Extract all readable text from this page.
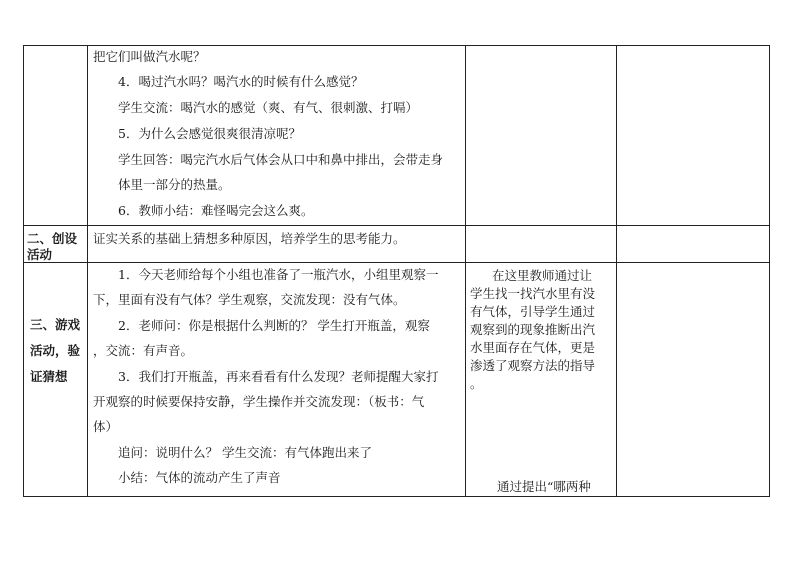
把它们叫做汽水呢？
4．喝过汽水吗？喝汽水的时候有什么感觉？
学生交流：喝汽水的感觉（爽、有气、很刺激、打嗝）
5．为什么会感觉很爽很清凉呢？
学生回答：喝完汽水后气体会从口中和鼻中排出，会带走身
体里一部分的热量。
6．教师小结：难怪喝完会这么爽。
二、创设
活动
证实关系的基础上猜想多种原因，培养学生的思考能力。
三、游戏
活动，验
证猜想
1．今天老师给每个小组也准备了一瓶汽水，小组里观察一
下，里面有没有气体？学生观察，交流发现：没有气体。
2．老师问：你是根据什么判断的？ 学生打开瓶盖，观察
，交流：有声音。
3．我们打开瓶盖，再来看看有什么发现？老师提醒大家打
开观察的时候要保持安静，学生操作并交流发现：（板书：气
体）
追问：说明什么？ 学生交流：有气体跑出来了
小结：气体的流动产生了声音
在这里教师通过让
学生找一找汽水里有没
有气体，引导学生通过
观察到的现象推断出汽
水里面存在气体，更是
渗透了观察方法的指导
。
通过提出“哪两种
